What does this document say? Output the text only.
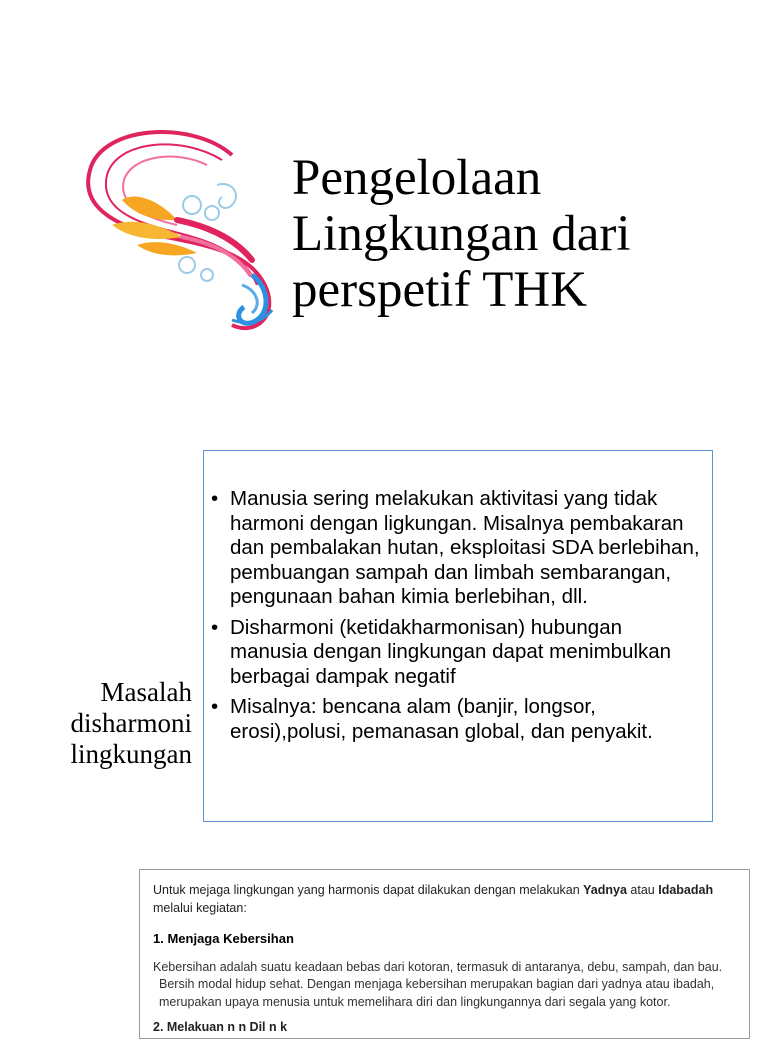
Pengelolaan
Lingkungan dari
perspetif THK
Masalah
disharmoni
lingkungan
• Manusia sering melakukan aktivitasi yang tidak harmoni dengan ligkungan. Misalnya pembakaran dan pembalakan hutan, eksploitasi SDA berlebihan, pembuangan sampah dan limbah sembarangan, pengunaan bahan kimia berlebihan, dll.
• Disharmoni (ketidakharmonisan) hubungan manusia dengan lingkungan dapat menimbulkan berbagai dampak negatif
• Misalnya: bencana alam (banjir, longsor, erosi),polusi, pemanasan global, dan penyakit.

Untuk mejaga lingkungan yang harmonis dapat dilakukan dengan melakukan Yadnya atau Idabadah melalui kegiatan:

1. Menjaga Kebersihan

Kebersihan adalah suatu keadaan bebas dari kotoran, termasuk di antaranya, debu, sampah, dan bau.
Bersih modal hidup sehat. Dengan menjaga kebersihan merupakan bagian dari yadnya atau ibadah,
merupakan upaya menusia untuk memelihara diri dan lingkungannya dari segala yang kotor.

2. Melakuan n n Dil n k
